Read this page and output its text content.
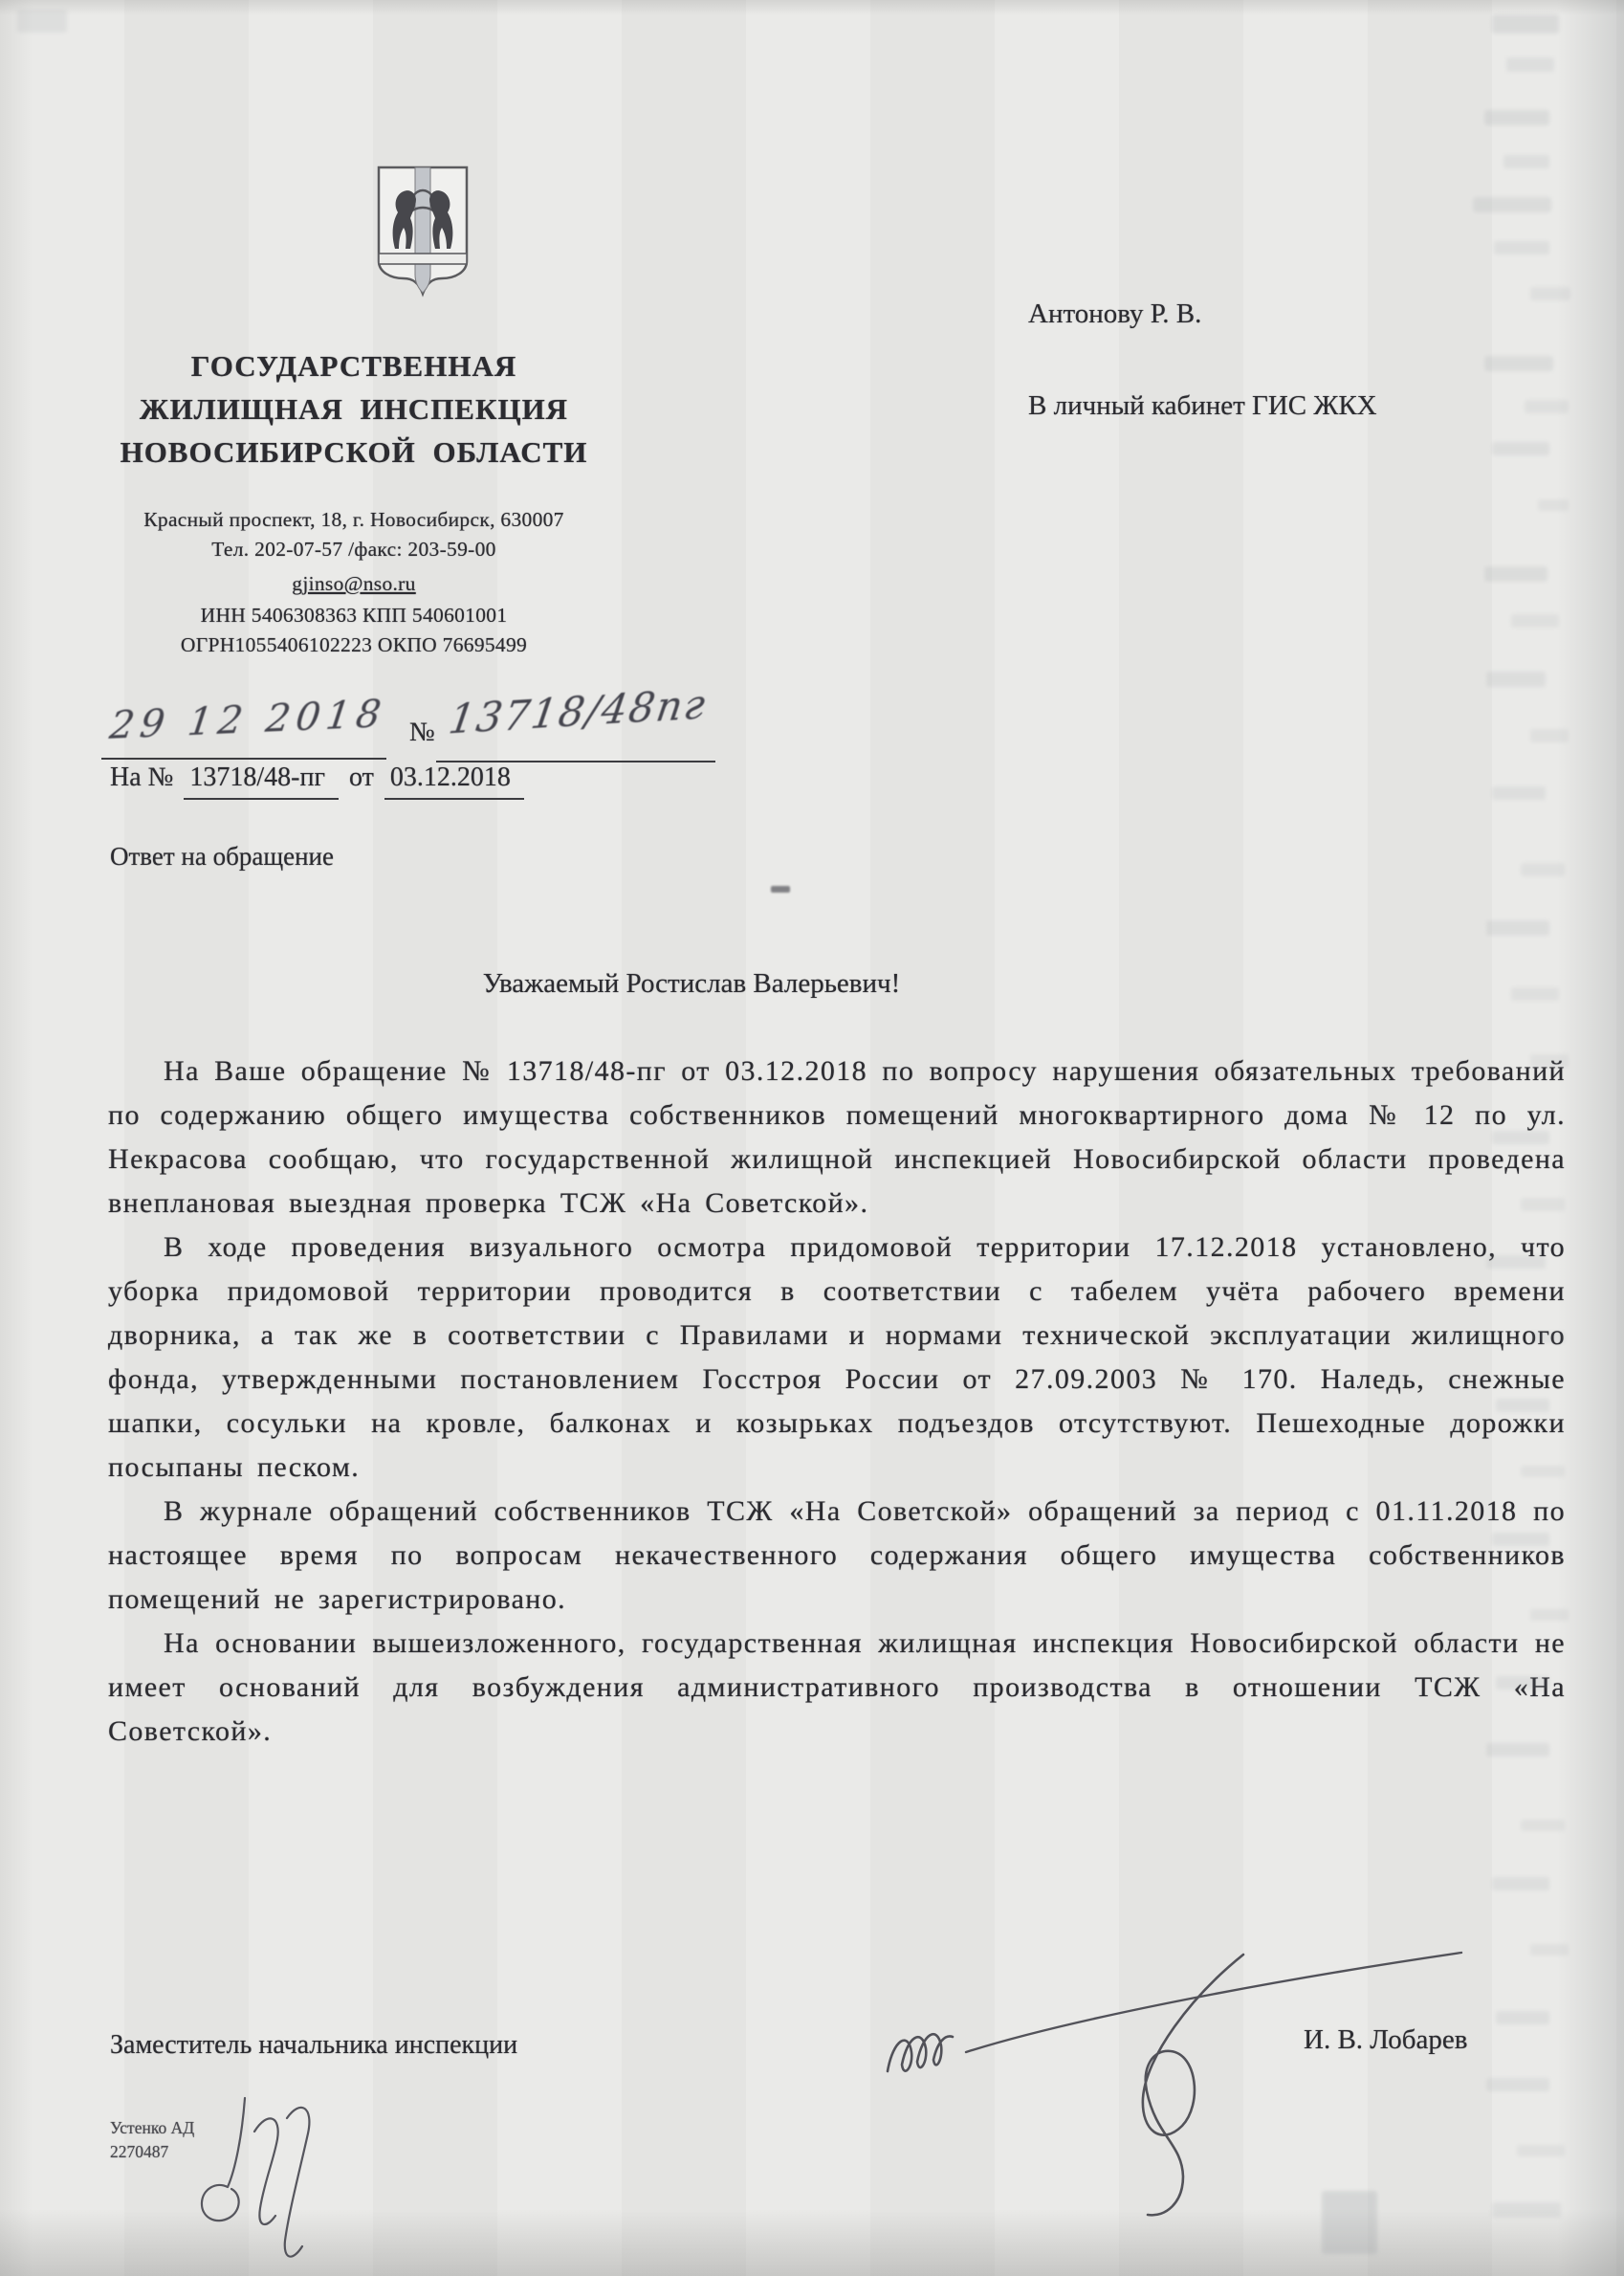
ГОСУДАРСТВЕННАЯ
ЖИЛИЩНАЯ ИНСПЕКЦИЯ
НОВОСИБИРСКОЙ ОБЛАСТИ
Красный проспект, 18, г. Новосибирск, 630007
Тел. 202-07-57 /факс: 203-59-00
gjinso@nso.ru
ИНН 5406308363 КПП 540601001
ОГРН1055406102223 ОКПО 76695499
Антонову Р. В.
В личный кабинет ГИС ЖКХ
29 12 2018 № 13718/48пг
На № 13718/48-пг от 03.12.2018
Ответ на обращение
Уважаемый Ростислав Валерьевич!

На Ваше обращение № 13718/48-пг от 03.12.2018 по вопросу нарушения обязательных требований по содержанию общего имущества собственников помещений многоквартирного дома № 12 по ул. Некрасова сообщаю, что государственной жилищной инспекцией Новосибирской области проведена внеплановая выездная проверка ТСЖ «На Советской».

В ходе проведения визуального осмотра придомовой территории 17.12.2018 установлено, что уборка придомовой территории проводится в соответствии с табелем учёта рабочего времени дворника, а так же в соответствии с Правилами и нормами технической эксплуатации жилищного фонда, утвержденными постановлением Госстроя России от 27.09.2003 № 170. Наледь, снежные шапки, сосульки на кровле, балконах и козырьках подъездов отсутствуют. Пешеходные дорожки посыпаны песком.

В журнале обращений собственников ТСЖ «На Советской» обращений за период с 01.11.2018 по настоящее время по вопросам некачественного содержания общего имущества собственников помещений не зарегистрировано.

На основании вышеизложенного, государственная жилищная инспекция Новосибирской области не имеет оснований для возбуждения административного производства в отношении ТСЖ «На Советской».

Заместитель начальника инспекции	И. В. Лобарев
Устенко АД
2270487
